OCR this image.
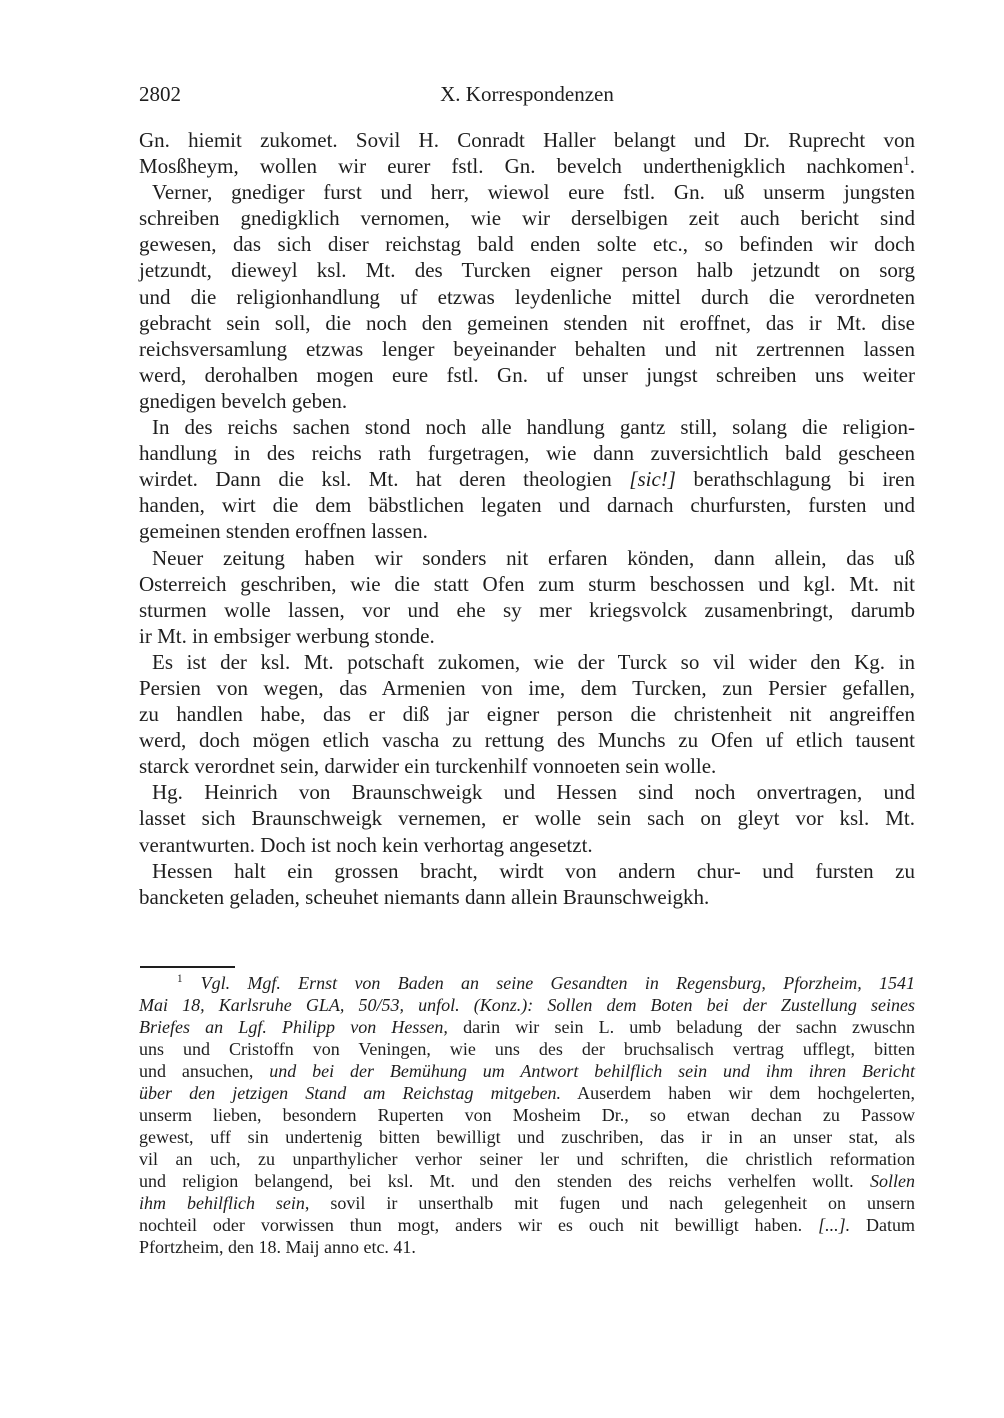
2802	X. Korrespondenzen
Gn. hiemit zukomet. Sovil H. Conradt Haller belangt und Dr. Ruprecht von
Mosßheym, wollen wir eurer fstl. Gn. bevelch underthenigklich nachkomen$^1$.
Verner, gnediger furst und herr, wiewol eure fstl. Gn. uß unserm jungsten
schreiben gnedigklich vernomen, wie wir derselbigen zeit auch bericht sind
gewesen, das sich diser reichstag bald enden solte etc., so befinden wir doch
jetzundt, dieweyl ksl. Mt. des Turcken eigner person halb jetzundt on sorg
und die religionhandlung uf etzwas leydenliche mittel durch die verordneten
gebracht sein soll, die noch den gemeinen stenden nit eroffnet, das ir Mt. dise
reichsversamlung etzwas lenger beyeinander behalten und nit zertrennen lassen
werd, derohalben mogen eure fstl. Gn. uf unser jungst schreiben uns weiter
gnedigen bevelch geben.
In des reichs sachen stond noch alle handlung gantz still, solang die religion-
handlung in des reichs rath furgetragen, wie dann zuversichtlich bald gescheen
wirdet. Dann die ksl. Mt. hat deren theologien [sic!] berathschlagung bi iren
handen, wirt die dem bäbstlichen legaten und darnach churfursten, fursten und
gemeinen stenden eroffnen lassen.
Neuer zeitung haben wir sonders nit erfaren könden, dann allein, das uß
Osterreich geschriben, wie die statt Ofen zum sturm beschossen und kgl. Mt. nit
sturmen wolle lassen, vor und ehe sy mer kriegsvolck zusamenbringt, darumb
ir Mt. in embsiger werbung stonde.
Es ist der ksl. Mt. potschaft zukomen, wie der Turck so vil wider den Kg. in
Persien von wegen, das Armenien von ime, dem Turcken, zun Persier gefallen,
zu handlen habe, das er diß jar eigner person die christenheit nit angreiffen
werd, doch mögen etlich vascha zu rettung des Munchs zu Ofen uf etlich tausent
starck verordnet sein, darwider ein turckenhilf vonnoeten sein wolle.
Hg. Heinrich von Braunschweigk und Hessen sind noch onvertragen, und
lasset sich Braunschweigk vernemen, er wolle sein sach on gleyt vor ksl. Mt.
verantwurten. Doch ist noch kein verhortag angesetzt.
Hessen halt ein grossen bracht, wirdt von andern chur- und fursten zu
bancketen geladen, scheuhet niemants dann allein Braunschweigkh.
$^1$   Vgl. Mgf. Ernst von Baden an seine Gesandten in Regensburg, Pforzheim, 1541
Mai 18, Karlsruhe GLA, 50/53, unfol. (Konz.): Sollen dem Boten bei der Zustellung seines
Briefes an Lgf. Philipp von Hessen, darin wir sein L. umb beladung der sachn zwuschn
uns und Cristoffn von Veningen, wie uns des der bruchsalisch vertrag ufflegt, bitten
und ansuchen, und bei der Bemühung um Antwort behilflich sein und ihm ihren Bericht
über den jetzigen Stand am Reichstag mitgeben. Auserdem haben wir dem hochgelerten,
unserm lieben, besondern Ruperten von Mosheim Dr., so etwan dechan zu Passow
gewest, uff sin undertenig bitten bewilligt und zuschriben, das ir in an unser stat, als
vil an uch, zu unparthylicher verhor seiner ler und schriften, die christlich reformation
und religion belangend, bei ksl. Mt. und den stenden des reichs verhelfen wollt. Sollen
ihm behilflich sein, sovil ir unserthalb mit fugen und nach gelegenheit on unsern
nochteil oder vorwissen thun mogt, anders wir es ouch nit bewilligt haben. [...]. Datum
Pfortzheim, den 18. Maij anno etc. 41.
